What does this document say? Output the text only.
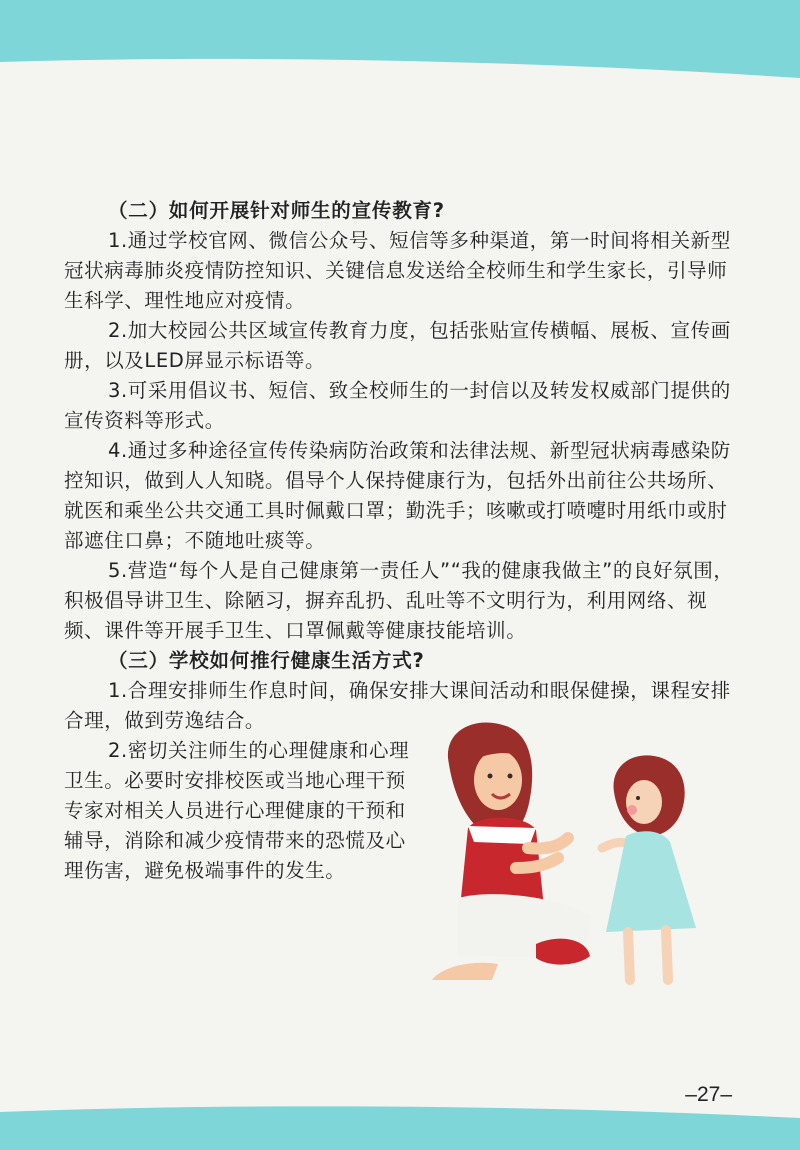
（二）如何开展针对师生的宣传教育?

1.通过学校官网、微信公众号、短信等多种渠道，第一时间将相关新型冠状病毒肺炎疫情防控知识、关键信息发送给全校师生和学生家长，引导师生科学、理性地应对疫情。

2.加大校园公共区域宣传教育力度，包括张贴宣传横幅、展板、宣传画册，以及LED屏显示标语等。

3.可采用倡议书、短信、致全校师生的一封信以及转发权威部门提供的宣传资料等形式。

4.通过多种途径宣传传染病防治政策和法律法规、新型冠状病毒感染防控知识，做到人人知晓。倡导个人保持健康行为，包括外出前往公共场所、就医和乘坐公共交通工具时佩戴口罩；勤洗手；咳嗽或打喷嚏时用纸巾或肘部遮住口鼻；不随地吐痰等。

5.营造“每个人是自己健康第一责任人”“我的健康我做主”的良好氛围，积极倡导讲卫生、除陋习，摒弃乱扔、乱吐等不文明行为，利用网络、视频、课件等开展手卫生、口罩佩戴等健康技能培训。

（三）学校如何推行健康生活方式?

1.合理安排师生作息时间，确保安排大课间活动和眼保健操，课程安排合理，做到劳逸结合。

2.密切关注师生的心理健康和心理卫生。必要时安排校医或当地心理干预专家对相关人员进行心理健康的干预和辅导，消除和减少疫情带来的恐慌及心理伤害，避免极端事件的发生。

–27–
